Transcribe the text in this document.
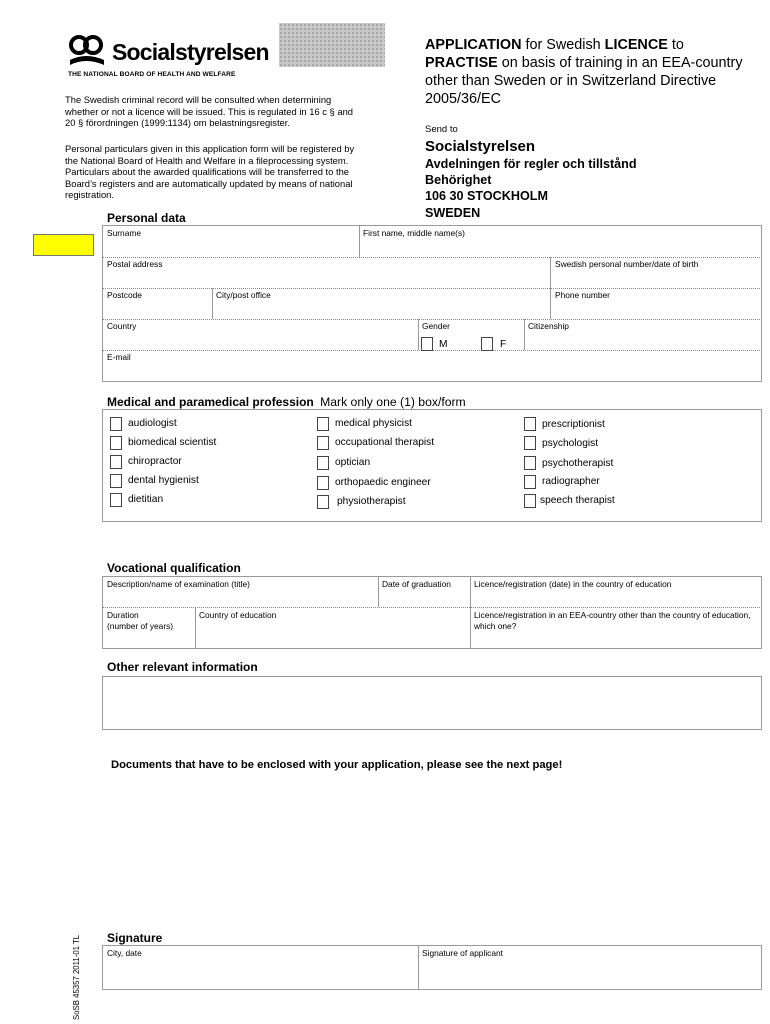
Socialstyrelsen
THE NATIONAL BOARD OF HEALTH AND WELFARE
The Swedish criminal record will be consulted when determining whether or not a licence will be issued. This is regulated in 16 c § and 20 § förordningen (1999:1134) om belastningsregister.
Personal particulars given in this application form will be registered by the National Board of Health and Welfare in a fileprocessing system. Particulars about the awarded qualifications will be transferred to the Board’s registers and are automatically updated by means of national registration.
APPLICATION for Swedish LICENCE to
PRACTISE on basis of training in an EEA-country other than Sweden or in Switzerland Directive 2005/36/EC
Send to
Socialstyrelsen
Avdelningen för regler och tillstånd
Behörighet
106 30 STOCKHOLM
SWEDEN
Personal data
Surname	First name, middle name(s)
Postal address	Swedish personal number/date of birth
Postcode	City/post office	Phone number
Country	Gender	Citizenship
M	F
E-mail
Medical and paramedical profession Mark only one (1) box/form
audiologist
biomedical scientist
chiropractor
dental hygienist
dietitian
medical physicist
occupational therapist
optician
orthopaedic engineer
physiotherapist
prescriptionist
psychologist
psychotherapist
radiographer
speech therapist
Vocational qualification
Description/name of examination (title)	Date of graduation	Licence/registration (date) in the country of education
Duration
(number of years)
Country of education	Licence/registration in an EEA-country other than the country of education, which one?
Other relevant information
Documents that have to be enclosed with your application, please see the next page!
Signature
City, date	Signature of applicant
SoSB 45357 2011-01 TL
